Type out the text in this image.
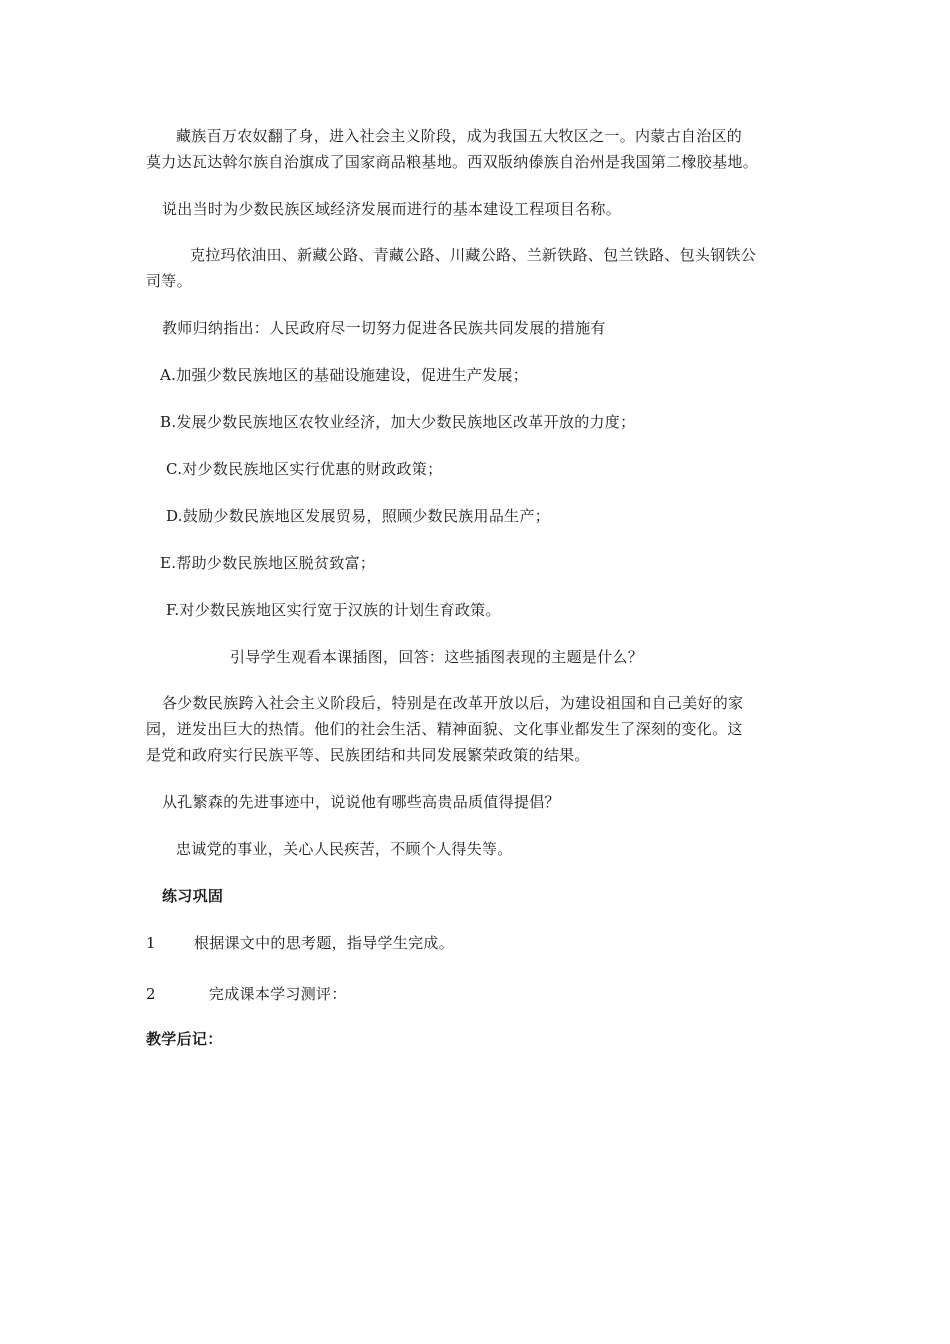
藏族百万农奴翻了身，进入社会主义阶段，成为我国五大牧区之一。内蒙古自治区的
莫力达瓦达斡尔族自治旗成了国家商品粮基地。西双版纳傣族自治州是我国第二橡胶基地。
说出当时为少数民族区域经济发展而进行的基本建设工程项目名称。
克拉玛依油田、新藏公路、青藏公路、川藏公路、兰新铁路、包兰铁路、包头钢铁公
司等。
教师归纳指出：人民政府尽一切努力促进各民族共同发展的措施有
A.加强少数民族地区的基础设施建设，促进生产发展；
B.发展少数民族地区农牧业经济，加大少数民族地区改革开放的力度；
C.对少数民族地区实行优惠的财政政策；
D.鼓励少数民族地区发展贸易，照顾少数民族用品生产；
E.帮助少数民族地区脱贫致富；
F.对少数民族地区实行宽于汉族的计划生育政策。
引导学生观看本课插图，回答：这些插图表现的主题是什么？
各少数民族跨入社会主义阶段后，特别是在改革开放以后，为建设祖国和自己美好的家
园，迸发出巨大的热情。他们的社会生活、精神面貌、文化事业都发生了深刻的变化。这
是党和政府实行民族平等、民族团结和共同发展繁荣政策的结果。
从孔繁森的先进事迹中，说说他有哪些高贵品质值得提倡？
忠诚党的事业，关心人民疾苦，不顾个人得失等。
练习巩固
1	根据课文中的思考题，指导学生完成。
2	完成课本学习测评：
教学后记：
